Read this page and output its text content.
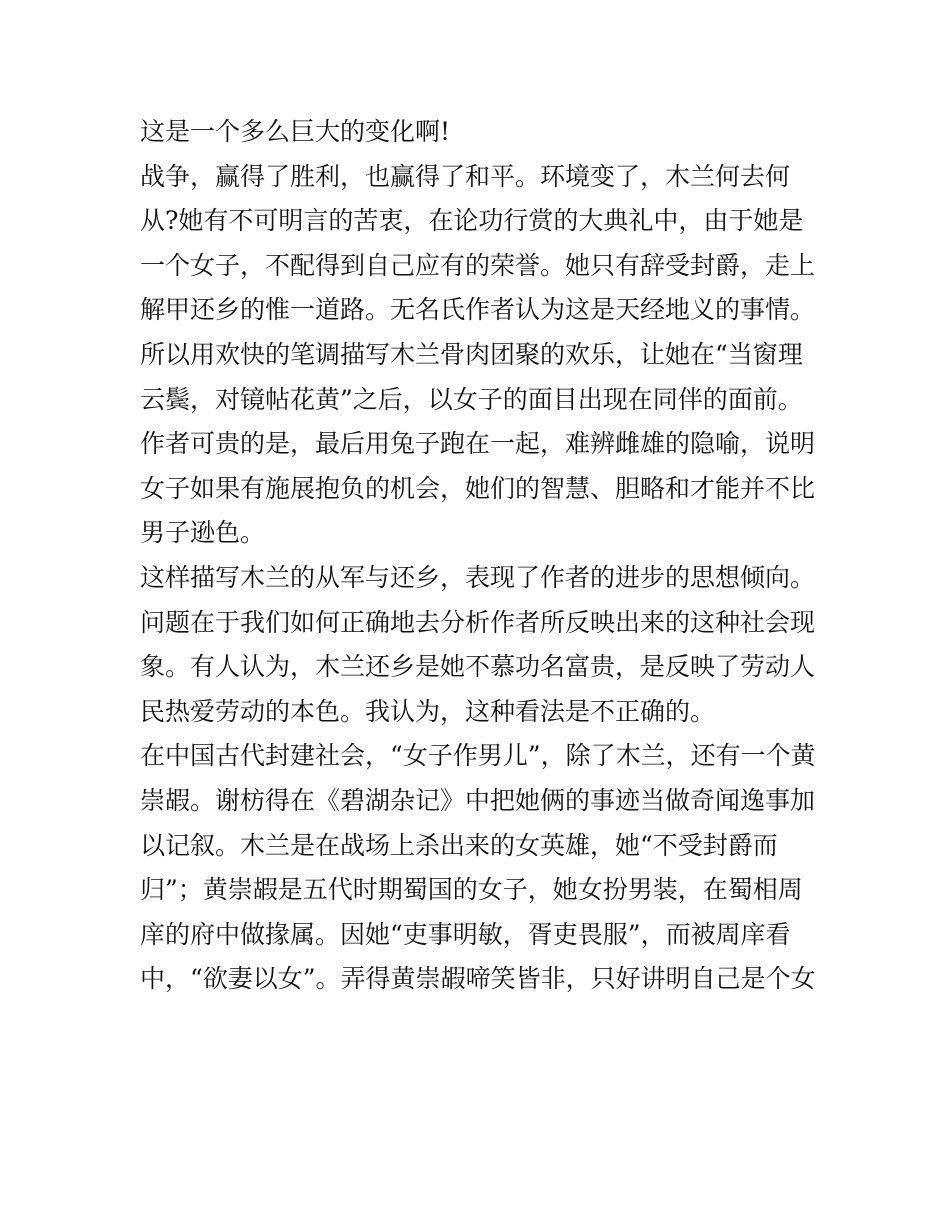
这是一个多么巨大的变化啊!
战争，赢得了胜利，也赢得了和平。环境变了，木兰何去何
从?她有不可明言的苦衷，在论功行赏的大典礼中，由于她是
一个女子，不配得到自己应有的荣誉。她只有辞受封爵，走上
解甲还乡的惟一道路。无名氏作者认为这是天经地义的事情。
所以用欢快的笔调描写木兰骨肉团聚的欢乐，让她在“当窗理
云鬓，对镜帖花黄”之后，以女子的面目出现在同伴的面前。
作者可贵的是，最后用兔子跑在一起，难辨雌雄的隐喻，说明
女子如果有施展抱负的机会，她们的智慧、胆略和才能并不比
男子逊色。
这样描写木兰的从军与还乡，表现了作者的进步的思想倾向。
问题在于我们如何正确地去分析作者所反映出来的这种社会现
象。有人认为，木兰还乡是她不慕功名富贵，是反映了劳动人
民热爱劳动的本色。我认为，这种看法是不正确的。
在中国古代封建社会，“女子作男儿”，除了木兰，还有一个黄
崇嘏。谢枋得在《碧湖杂记》中把她俩的事迹当做奇闻逸事加
以记叙。木兰是在战场上杀出来的女英雄，她“不受封爵而
归”；黄崇嘏是五代时期蜀国的女子，她女扮男装，在蜀相周
庠的府中做掾属。因她“吏事明敏，胥吏畏服”，而被周庠看
中，“欲妻以女”。弄得黄崇嘏啼笑皆非，只好讲明自己是个女
